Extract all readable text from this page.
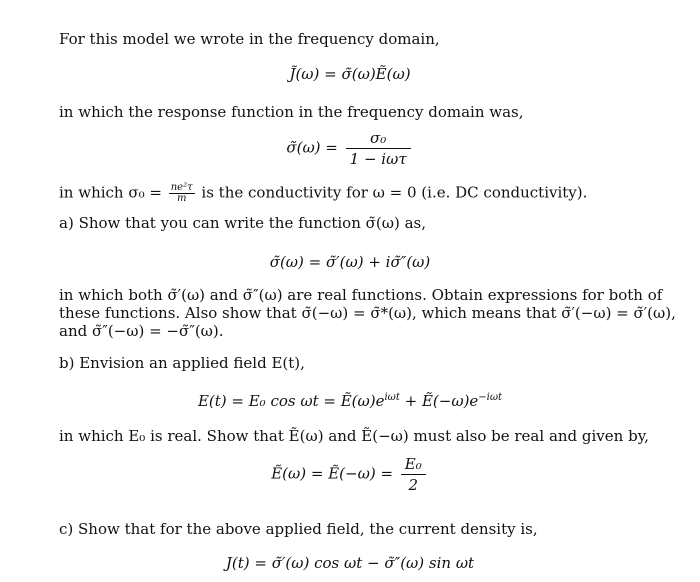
For this model we wrote in the frequency domain,
J̃(ω) = σ̃(ω)Ẽ(ω)
in which the response function in the frequency domain was,
σ̃(ω) = $\frac{\text{σ₀}}{\text{1 − iωτ}}$
in which $\sigma_0 = \frac{\text{ne²τ}}{m}$ is the conductivity for ω = 0 (i.e. DC conductivity).
a) Show that you can write the function σ̃(ω) as,
σ̃(ω) = σ̃′(ω) + iσ̃″(ω)
in which both σ̃′(ω) and σ̃″(ω) are real functions. Obtain expressions for both of
these functions. Also show that σ̃(−ω) = σ̃*(ω), which means that σ̃′(−ω) = σ̃′(ω),
and σ̃″(−ω) = −σ̃″(ω).
b) Envision an applied field E(t),
E(t) = E₀ $\cos \omega t = Ẽ(\omega)e^{i\omega t}$ + $Ẽ(-\omega)e^{-i\omega t}$
in which E₀ is real. Show that Ẽ(ω) and Ẽ(−ω) must also be real and given by,
Ẽ(ω) = Ẽ(−ω) = $\frac{\text{E₀}}{2}$
c) Show that for the above applied field, the current density is,
J(t) = σ̃′(ω) cos ωt − σ̃″(ω) sin ωt
